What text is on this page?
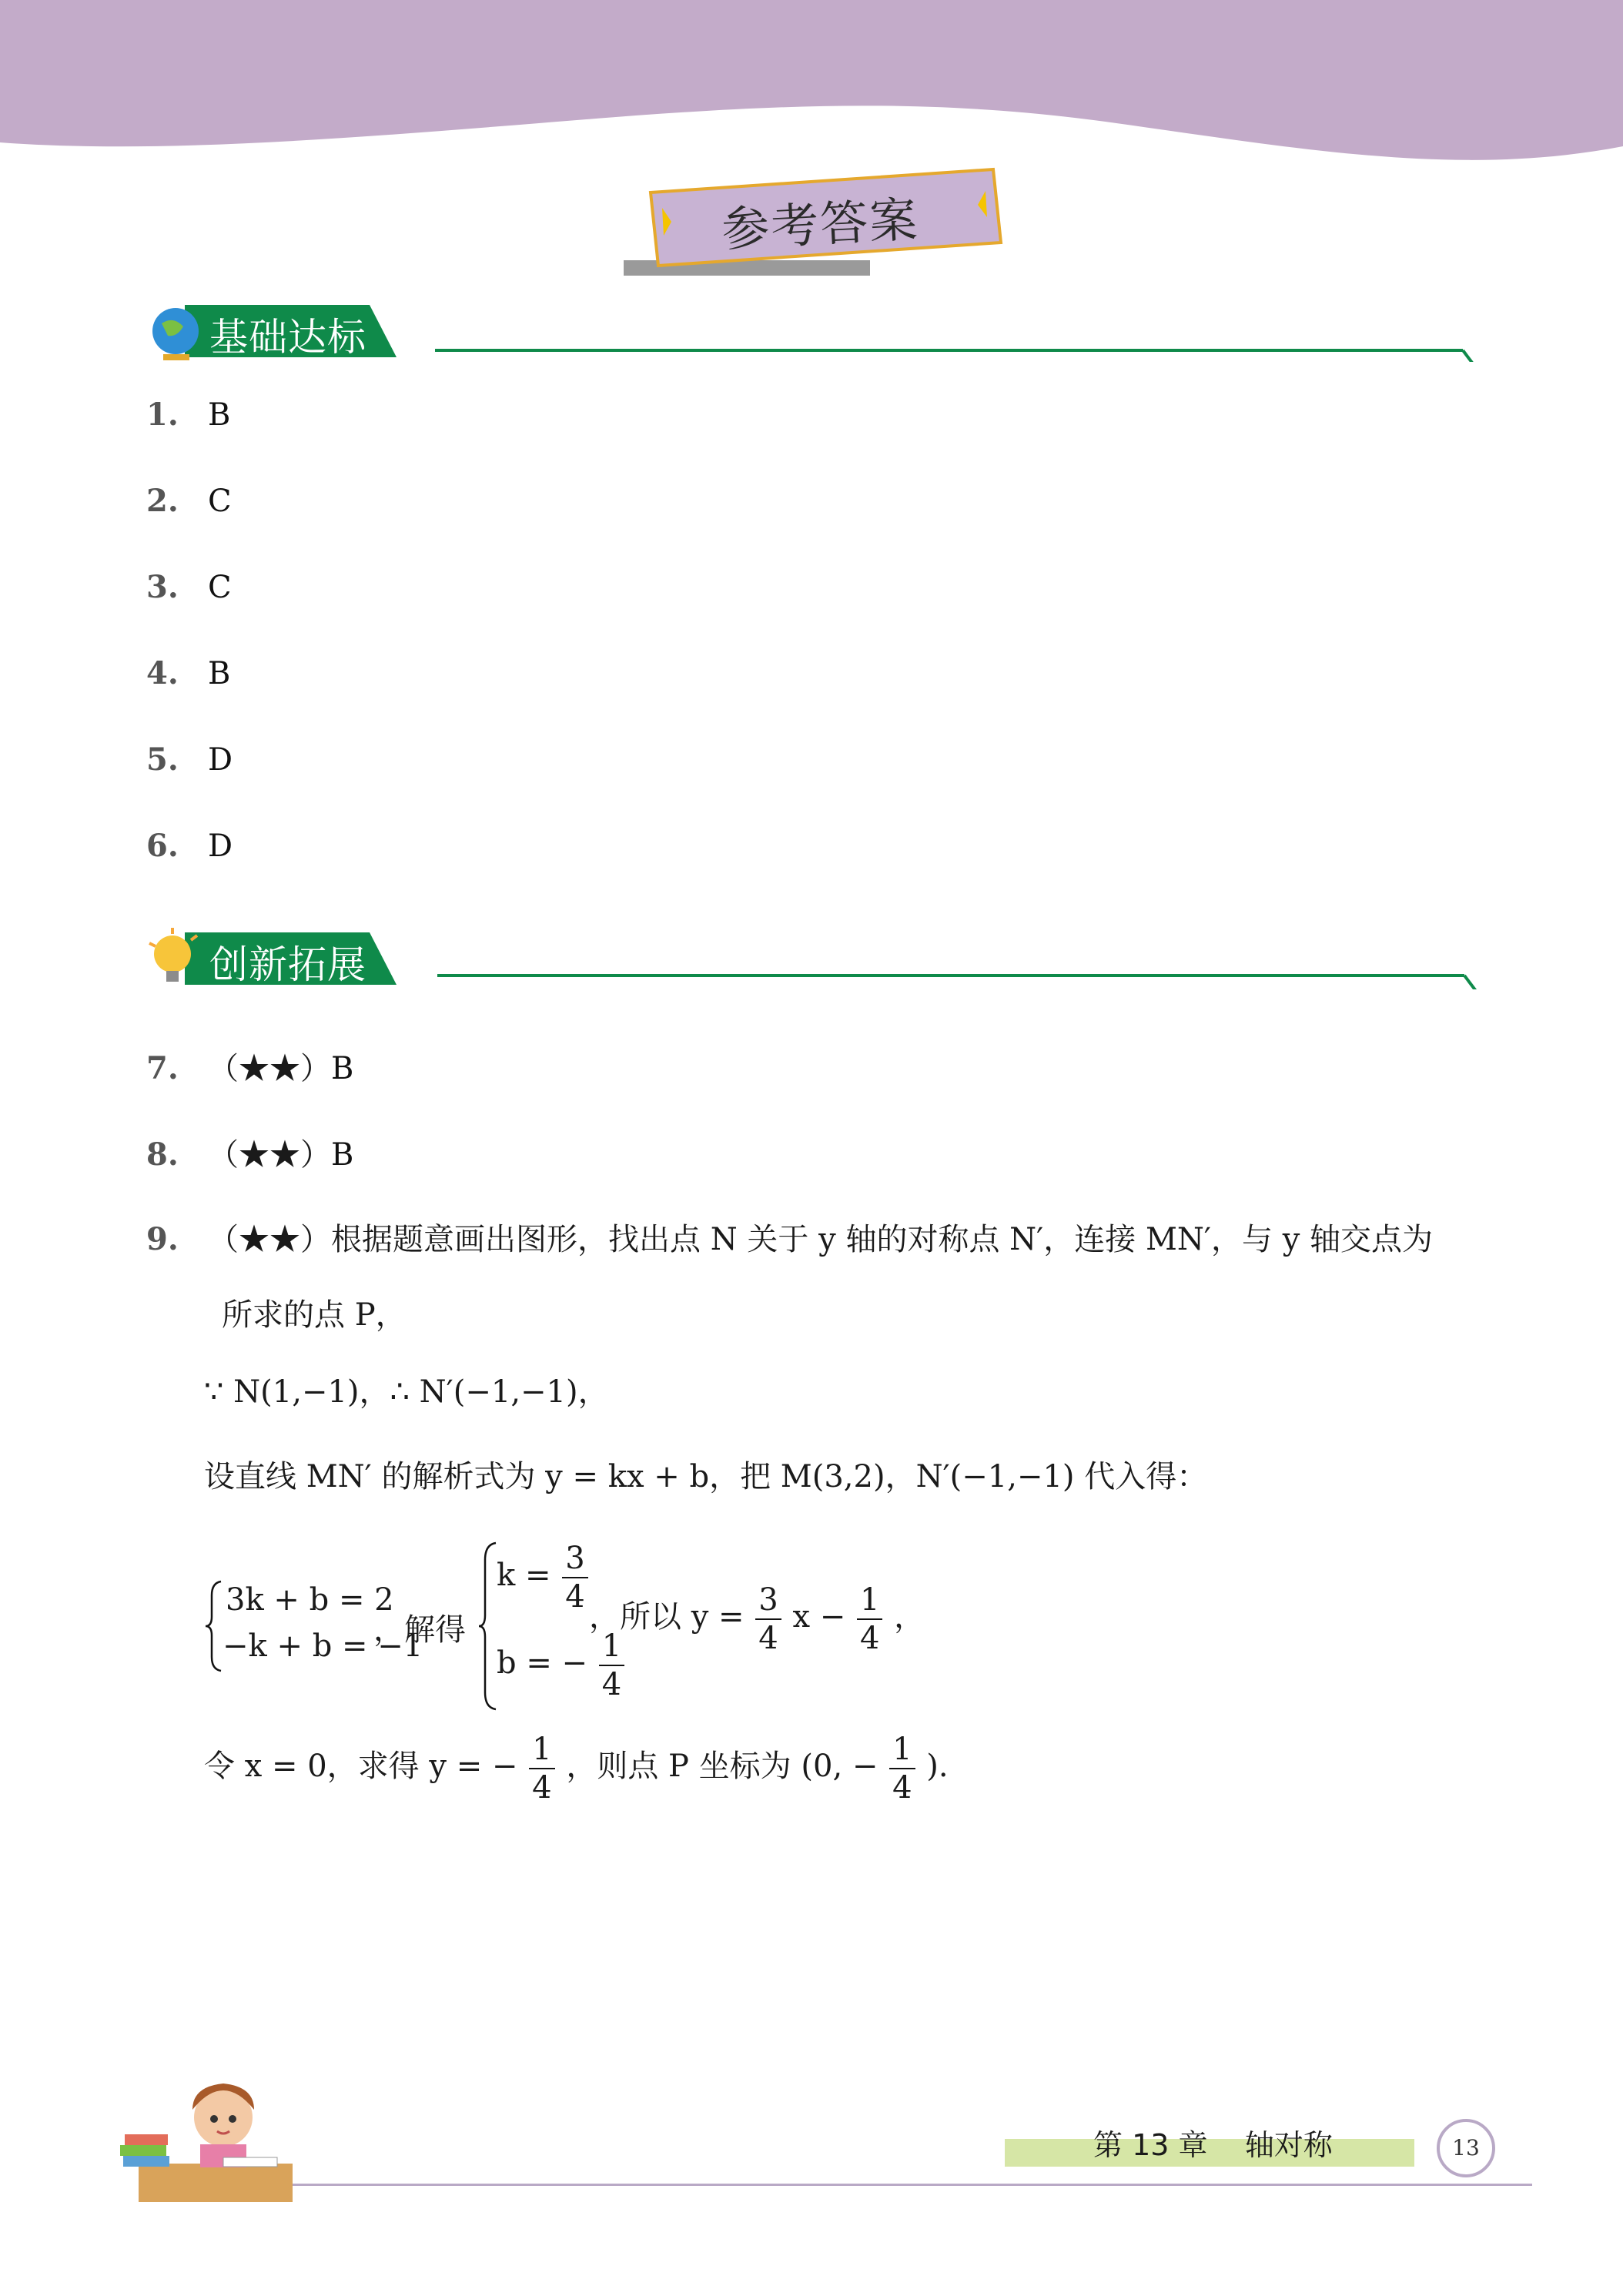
参考答案
基础达标
1. B
2. C
3. C
4. B
5. D
6. D
创新拓展
7. （★★）B
8. （★★）B
9. （★★）根据题意画出图形，找出点 N 关于 y 轴的对称点 N′，连接 MN′，与 y 轴交点为
所求的点 P，
∵ N(1,−1)，∴ N′(−1,−1)，
设直线 MN′ 的解析式为 y = kx + b，把 M(3,2)，N′(−1,−1) 代入得：
3k + b = 2
−k + b = −1
，解得
$k = \frac{3}{4}$
b = − $\frac{1}{4}$
，所以 $y = \frac{3}{4}$ $x - \frac{1}{4}$ ，
令 x = 0，求得 y = − $\frac{1}{4}$ ，则点 P 坐标为 (0, − $\frac{1}{4}$ ).
第 13 章    轴对称	13
